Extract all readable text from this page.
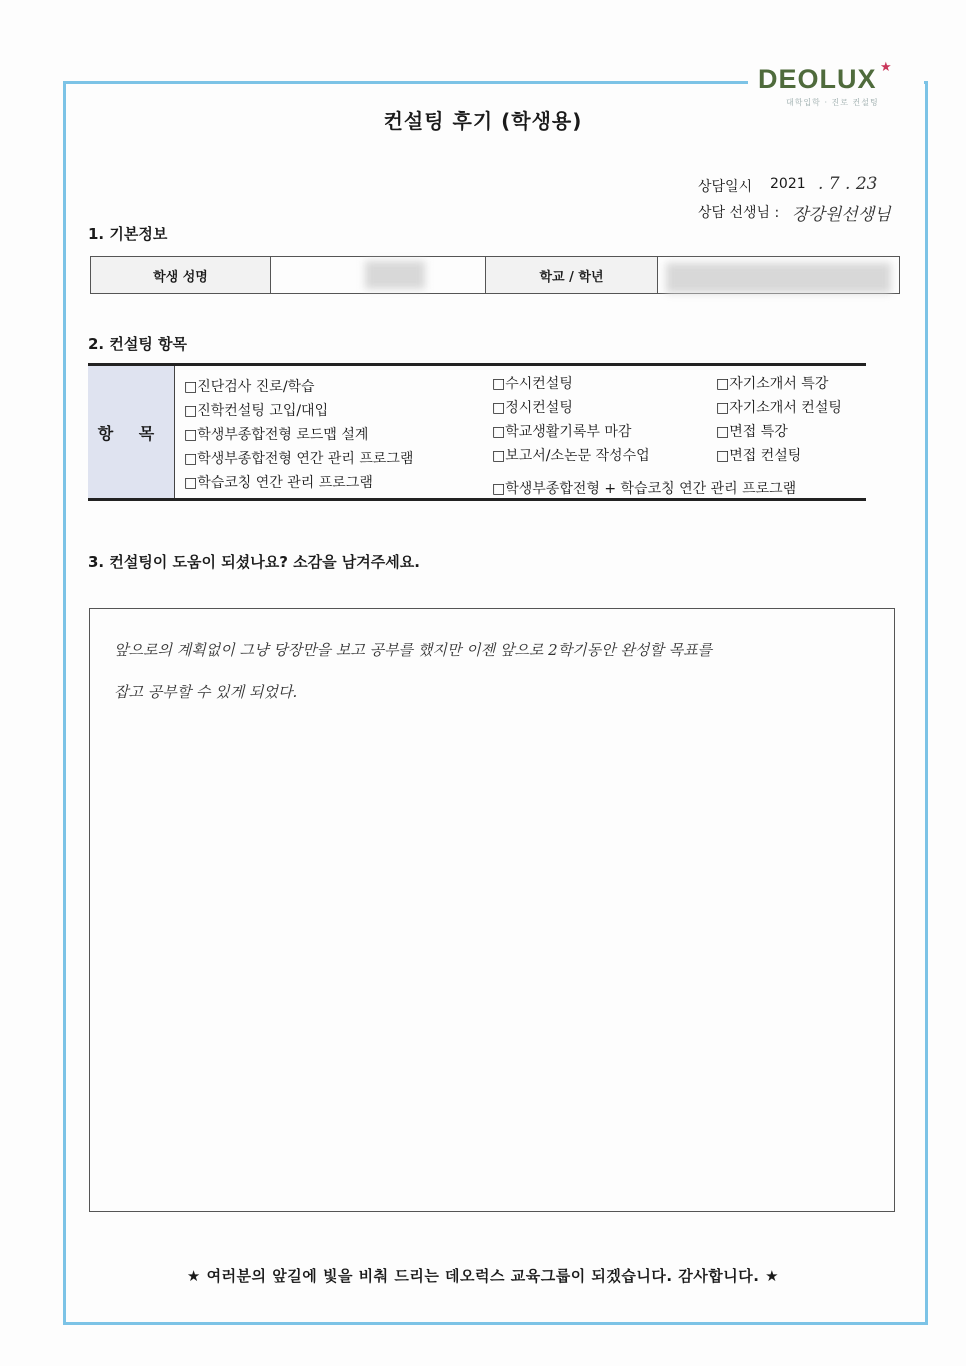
DEOLUX ★
대학입학 · 진로 컨설팅
컨설팅 후기 (학생용)
상담일시 2021 . 7 . 23
상담 선생님 : 장강원선생님
1. 기본정보
학생 성명	학교 / 학년
2. 컨설팅 항목
항 목
□진단검사 진로/학습
□진학컨설팅 고입/대입
□학생부종합전형 로드맵 설계
□학생부종합전형 연간 관리 프로그램
□학습코칭 연간 관리 프로그램
□수시컨설팅
□정시컨설팅
□학교생활기록부 마감
□보고서/소논문 작성수업
□학생부종합전형 + 학습코칭 연간 관리 프로그램
□자기소개서 특강
□자기소개서 컨설팅
□면접 특강
□면접 컨설팅
3. 컨설팅이 도움이 되셨나요? 소감을 남겨주세요.
앞으로의 계획없이 그냥 당장만을 보고 공부를 했지만 이젠 앞으로 2학기동안 완성할 목표를
잡고 공부할 수 있게 되었다.
★ 여러분의 앞길에 빛을 비춰 드리는 데오럭스 교육그룹이 되겠습니다. 감사합니다. ★
